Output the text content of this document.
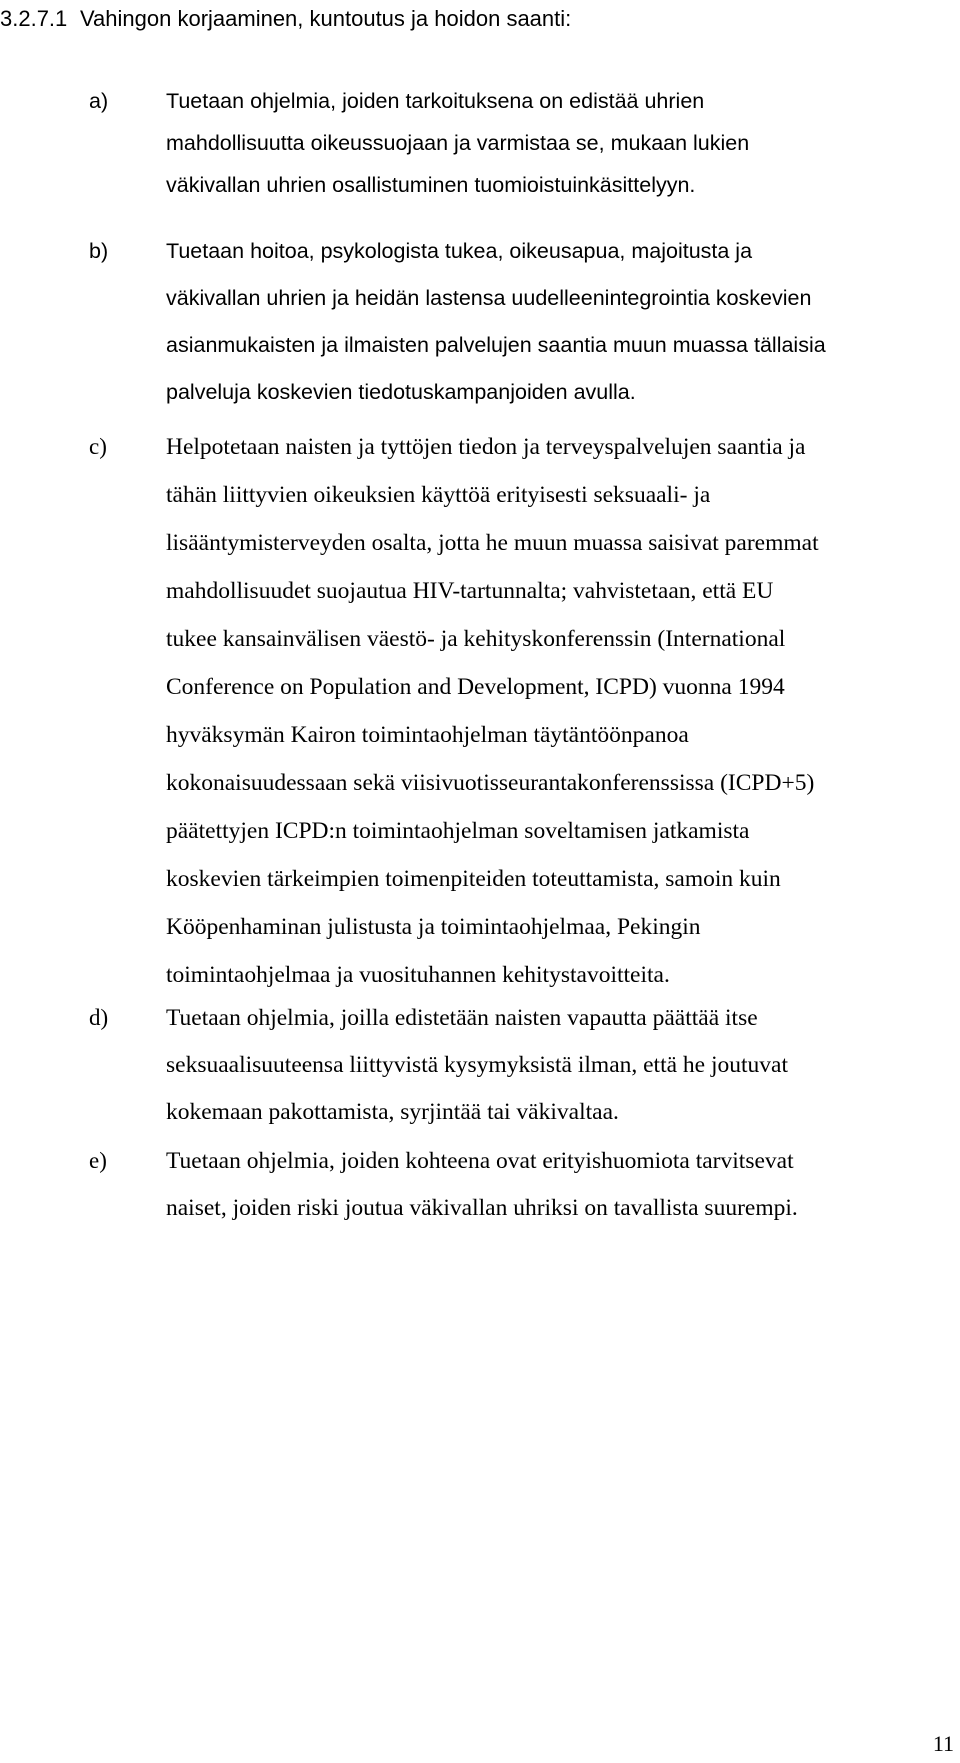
3.2.7.1 Vahingon korjaaminen, kuntoutus ja hoidon saanti:
a)	Tuetaan ohjelmia, joiden tarkoituksena on edistää uhrien
mahdollisuutta oikeussuojaan ja varmistaa se, mukaan lukien
väkivallan uhrien osallistuminen tuomioistuinkäsittelyyn.
b)	Tuetaan hoitoa, psykologista tukea, oikeusapua, majoitusta ja
väkivallan uhrien ja heidän lastensa uudelleenintegrointia koskevien
asianmukaisten ja ilmaisten palvelujen saantia muun muassa tällaisia
palveluja koskevien tiedotuskampanjoiden avulla.
c)	Helpotetaan naisten ja tyttöjen tiedon ja terveyspalvelujen saantia ja
tähän liittyvien oikeuksien käyttöä erityisesti seksuaali- ja
lisääntymisterveyden osalta, jotta he muun muassa saisivat paremmat
mahdollisuudet suojautua HIV-tartunnalta; vahvistetaan, että EU
tukee kansainvälisen väestö- ja kehityskonferenssin (International
Conference on Population and Development, ICPD) vuonna 1994
hyväksymän Kairon toimintaohjelman täytäntöönpanoa
kokonaisuudessaan sekä viisivuotisseurantakonferenssissa (ICPD+5)
päätettyjen ICPD:n toimintaohjelman soveltamisen jatkamista
koskevien tärkeimpien toimenpiteiden toteuttamista, samoin kuin
Kööpenhaminan julistusta ja toimintaohjelmaa, Pekingin
toimintaohjelmaa ja vuosituhannen kehitystavoitteita.
d) Tuetaan ohjelmia, joilla edistetään naisten vapautta päättää itse
seksuaalisuuteensa liittyvistä kysymyksistä ilman, että he joutuvat
kokemaan pakottamista, syrjintää tai väkivaltaa.
e)	Tuetaan ohjelmia, joiden kohteena ovat erityishuomiota tarvitsevat
naiset, joiden riski joutua väkivallan uhriksi on tavallista suurempi.
11
